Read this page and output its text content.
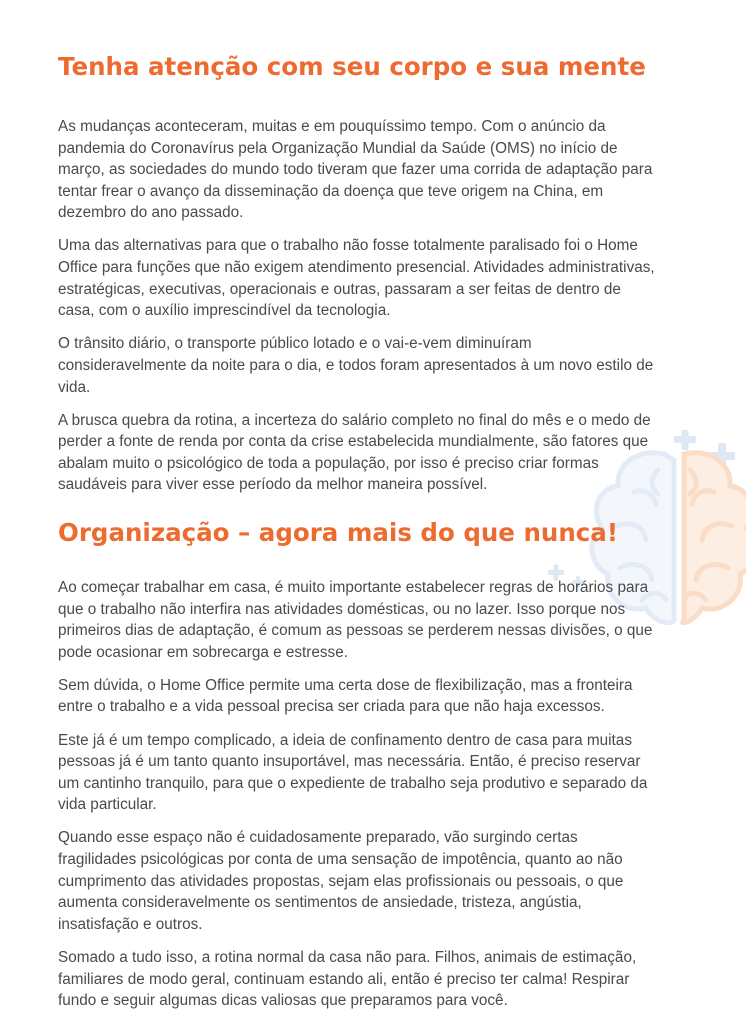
Tenha atenção com seu corpo e sua mente

As mudanças aconteceram, muitas e em pouquíssimo tempo. Com o anúncio da pandemia do Coronavírus pela Organização Mundial da Saúde (OMS) no início de março, as sociedades do mundo todo tiveram que fazer uma corrida de adaptação para tentar frear o avanço da disseminação da doença que teve origem na China, em dezembro do ano passado.

Uma das alternativas para que o trabalho não fosse totalmente paralisado foi o Home Office para funções que não exigem atendimento presencial. Atividades administrativas, estratégicas, executivas, operacionais e outras, passaram a ser feitas de dentro de casa, com o auxílio imprescindível da tecnologia.

O trânsito diário, o transporte público lotado e o vai-e-vem diminuíram consideravelmente da noite para o dia, e todos foram apresentados à um novo estilo de vida.

A brusca quebra da rotina, a incerteza do salário completo no final do mês e o medo de perder a fonte de renda por conta da crise estabelecida mundialmente, são fatores que abalam muito o psicológico de toda a população, por isso é preciso criar formas saudáveis para viver esse período da melhor maneira possível.

Organização – agora mais do que nunca!

Ao começar trabalhar em casa, é muito importante estabelecer regras de horários para que o trabalho não interfira nas atividades domésticas, ou no lazer. Isso porque nos primeiros dias de adaptação, é comum as pessoas se perderem nessas divisões, o que pode ocasionar em sobrecarga e estresse.

Sem dúvida, o Home Office permite uma certa dose de flexibilização, mas a fronteira entre o trabalho e a vida pessoal precisa ser criada para que não haja excessos.

Este já é um tempo complicado, a ideia de confinamento dentro de casa para muitas pessoas já é um tanto quanto insuportável, mas necessária. Então, é preciso reservar um cantinho tranquilo, para que o expediente de trabalho seja produtivo e separado da vida particular.

Quando esse espaço não é cuidadosamente preparado, vão surgindo certas fragilidades psicológicas por conta de uma sensação de impotência, quanto ao não cumprimento das atividades propostas, sejam elas profissionais ou pessoais, o que aumenta consideravelmente os sentimentos de ansiedade, tristeza, angústia, insatisfação e outros.

Somado a tudo isso, a rotina normal da casa não para. Filhos, animais de estimação, familiares de modo geral, continuam estando ali, então é preciso ter calma! Respirar fundo e seguir algumas dicas valiosas que preparamos para você.
